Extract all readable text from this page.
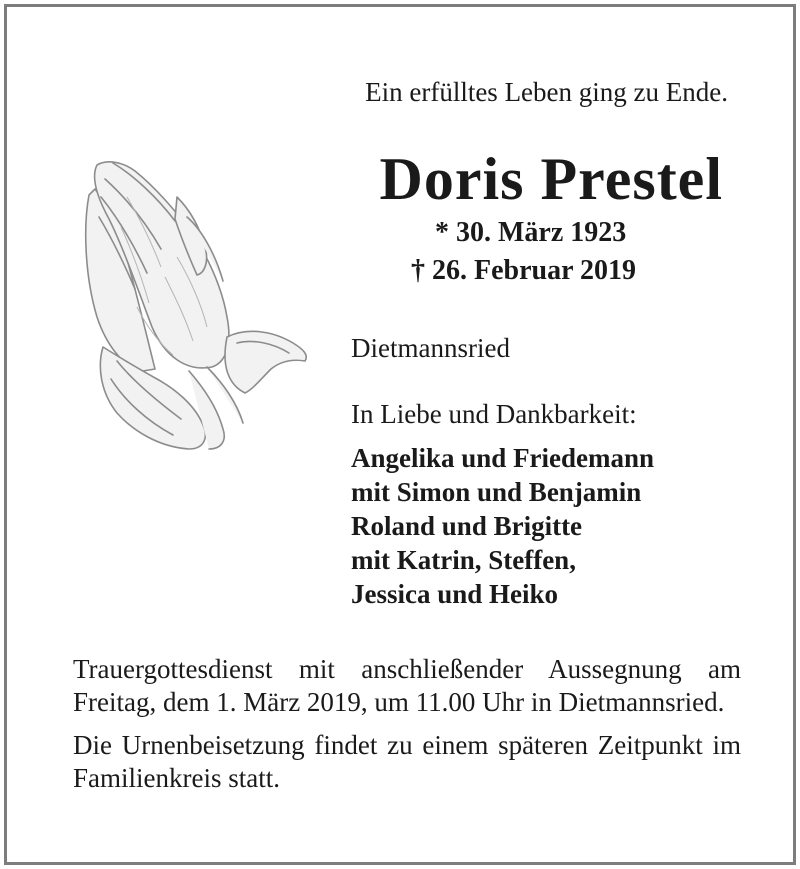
Ein erfülltes Leben ging zu Ende.
Doris Prestel
* 30. März 1923
† 26. Februar 2019
Dietmannsried
In Liebe und Dankbarkeit:
Angelika und Friedemann
mit Simon und Benjamin
Roland und Brigitte
mit Katrin, Steffen,
Jessica und Heiko

Trauergottesdienst mit anschließender Aussegnung am Freitag, dem 1. März 2019, um 11.00 Uhr in Dietmannsried.

Die Urnenbeisetzung findet zu einem späteren Zeitpunkt im Familienkreis statt.
